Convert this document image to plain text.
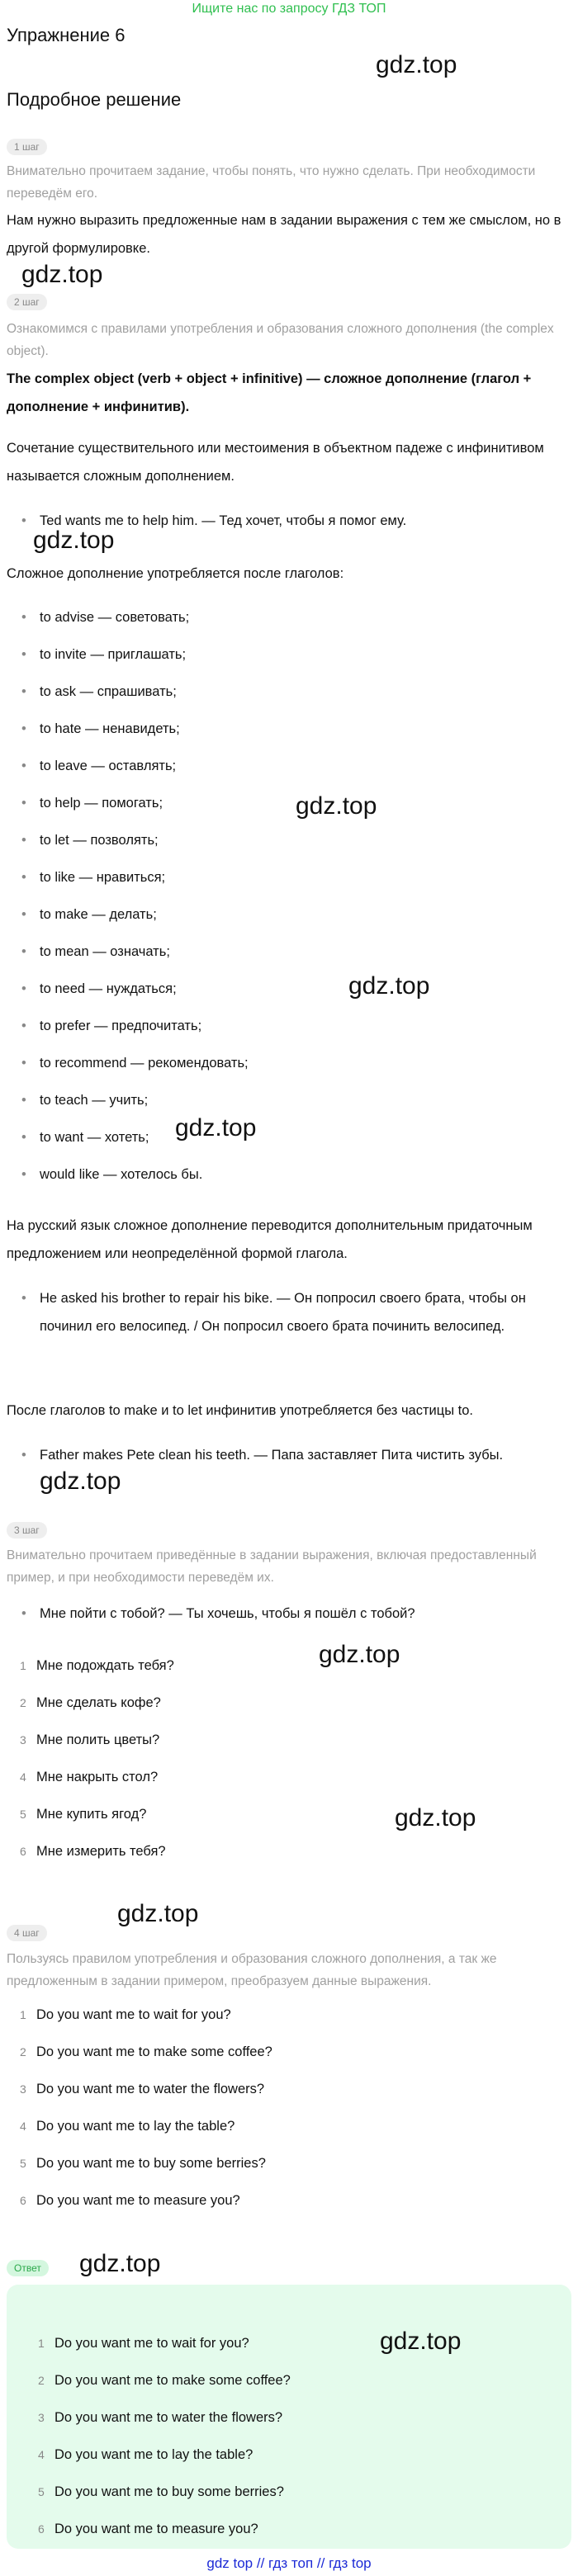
Ищите нас по запросу ГДЗ ТОП
Упражнение 6
Подробное решение
gdz.top
gdz.top
gdz.top
gdz.top
gdz.top
gdz.top
gdz.top
gdz.top
gdz.top
gdz.top
gdz.top
1 шаг

Внимательно прочитаем задание, чтобы понять, что нужно сделать. При необходимости переведём его.

Нам нужно выразить предложенные нам в задании выражения с тем же смыслом, но в другой формулировке.

2 шаг

Ознакомимся с правилами употребления и образования сложного дополнения (the complex object).

The complex object (verb + object + infinitive) — сложное дополнение (глагол + дополнение + инфинитив).

Сочетание существительного или местоимения в объектном падеже с инфинитивом называется сложным дополнением.

• Ted wants me to help him. — Тед хочет, чтобы я помог ему.

Сложное дополнение употребляется после глаголов:

• to advise — советовать;

• to invite — приглашать;

• to ask — спрашивать;

• to hate — ненавидеть;

• to leave — оставлять;

• to help — помогать;

• to let — позволять;

• to like — нравиться;

• to make — делать;

• to mean — означать;

• to need — нуждаться;

• to prefer — предпочитать;

• to recommend — рекомендовать;

• to teach — учить;

• to want — хотеть;

• would like — хотелось бы.

На русский язык сложное дополнение переводится дополнительным придаточным предложением или неопределённой формой глагола.

• He asked his brother to repair his bike. — Он попросил своего брата, чтобы он починил его велосипед. / Он попросил своего брата починить велосипед.

После глаголов to make и to let инфинитив употребляется без частицы to.

• Father makes Pete clean his teeth. — Папа заставляет Пита чистить зубы.

3 шаг

Внимательно прочитаем приведённые в задании выражения, включая предоставленный пример, и при необходимости переведём их.

• Мне пойти с тобой? — Ты хочешь, чтобы я пошёл с тобой?

1 Мне подождать тебя?

2 Мне сделать кофе?

3 Мне полить цветы?

4 Мне накрыть стол?

5 Мне купить ягод?

6 Мне измерить тебя?

4 шаг

Пользуясь правилом употребления и образования сложного дополнения, а так же предложенным в задании примером, преобразуем данные выражения.

1 Do you want me to wait for you?

2 Do you want me to make some coffee?

3 Do you want me to water the flowers?

4 Do you want me to lay the table?

5 Do you want me to buy some berries?

6 Do you want me to measure you?

Ответ
gdz.top

1 Do you want me to wait for you?

2 Do you want me to make some coffee?

3 Do you want me to water the flowers?

4 Do you want me to lay the table?

5 Do you want me to buy some berries?

6 Do you want me to measure you?

gdz top // гдз топ // гдз top
